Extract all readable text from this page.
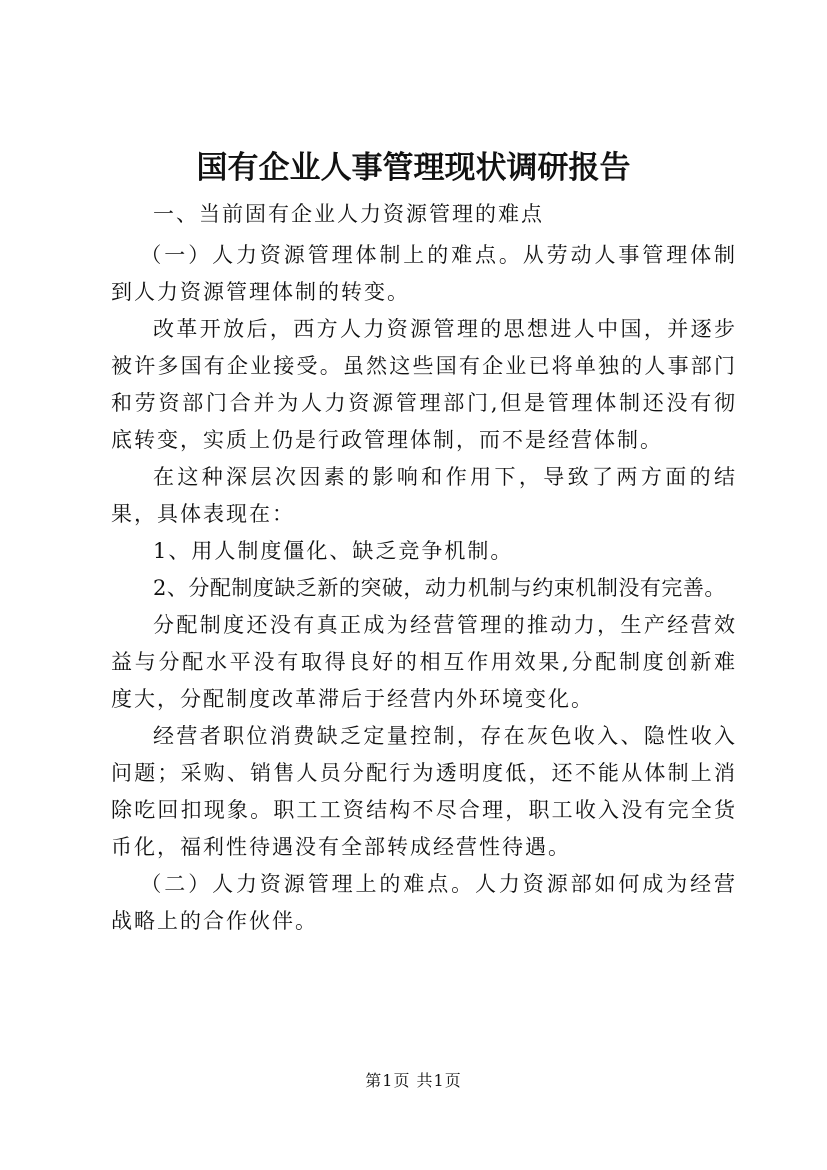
国有企业人事管理现状调研报告

一、当前固有企业人力资源管理的难点

（一）人力资源管理体制上的难点。从劳动人事管理体制到人力资源管理体制的转变。

改革开放后，西方人力资源管理的思想进人中国，并逐步被许多国有企业接受。虽然这些国有企业已将单独的人事部门和劳资部门合并为人力资源管理部门,但是管理体制还没有彻底转变，实质上仍是行政管理体制，而不是经营体制。

在这种深层次因素的影响和作用下，导致了两方面的结果，具体表现在：

1、用人制度僵化、缺乏竞争机制。

2、分配制度缺乏新的突破，动力机制与约束机制没有完善。

分配制度还没有真正成为经营管理的推动力，生产经营效益与分配水平没有取得良好的相互作用效果,分配制度创新难度大，分配制度改革滞后于经营内外环境变化。

经营者职位消费缺乏定量控制，存在灰色收入、隐性收入问题；采购、销售人员分配行为透明度低，还不能从体制上消除吃回扣现象。职工工资结构不尽合理，职工收入没有完全货币化，福利性待遇没有全部转成经营性待遇。

（二）人力资源管理上的难点。人力资源部如何成为经营战略上的合作伙伴。

第1页 共1页
